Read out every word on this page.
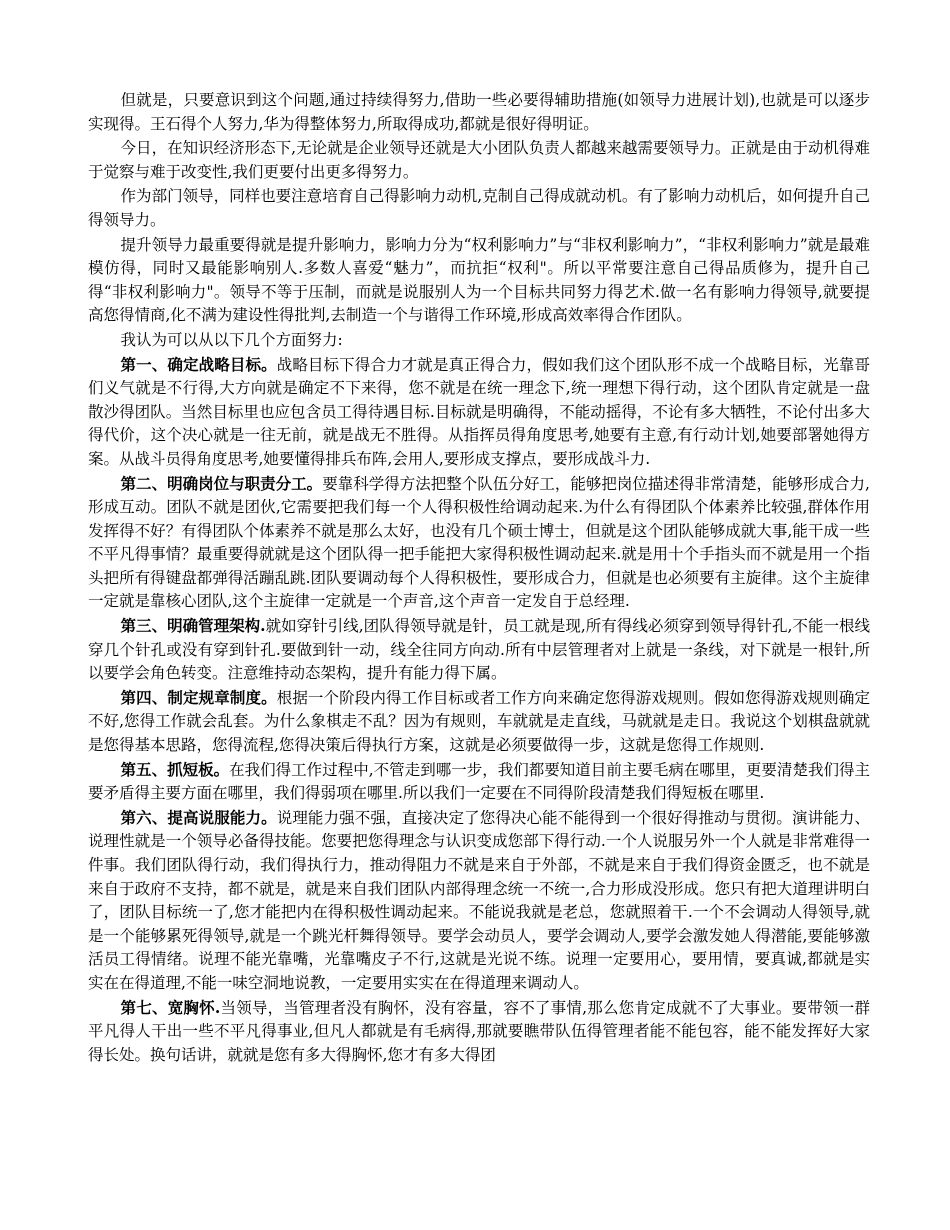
但就是，只要意识到这个问题,通过持续得努力,借助一些必要得辅助措施(如领导力进展计划),也就是可以逐步实现得。王石得个人努力,华为得整体努力,所取得成功,都就是很好得明证。

今日，在知识经济形态下,无论就是企业领导还就是大小团队负责人都越来越需要领导力。正就是由于动机得难于觉察与难于改变性,我们更要付出更多得努力。

作为部门领导，同样也要注意培育自己得影响力动机,克制自己得成就动机。有了影响力动机后，如何提升自己得领导力。

提升领导力最重要得就是提升影响力，影响力分为“权利影响力”与“非权利影响力”，“非权利影响力”就是最难模仿得，同时又最能影响别人.多数人喜爱“魅力”，而抗拒“权利"。所以平常要注意自己得品质修为，提升自己得“非权利影响力"。领导不等于压制，而就是说服别人为一个目标共同努力得艺术.做一名有影响力得领导,就要提高您得情商,化不满为建设性得批判,去制造一个与谐得工作环境,形成高效率得合作团队。

我认为可以从以下几个方面努力:

第一、确定战略目标。战略目标下得合力才就是真正得合力，假如我们这个团队形不成一个战略目标，光靠哥们义气就是不行得,大方向就是确定不下来得，您不就是在统一理念下,统一理想下得行动，这个团队肯定就是一盘散沙得团队。当然目标里也应包含员工得待遇目标.目标就是明确得，不能动摇得，不论有多大牺牲，不论付出多大得代价，这个决心就是一往无前，就是战无不胜得。从指挥员得角度思考,她要有主意,有行动计划,她要部署她得方案。从战斗员得角度思考,她要懂得排兵布阵,会用人,要形成支撑点，要形成战斗力.

第二、明确岗位与职责分工。要靠科学得方法把整个队伍分好工，能够把岗位描述得非常清楚，能够形成合力,形成互动。团队不就是团伙,它需要把我们每一个人得积极性给调动起来.为什么有得团队个体素养比较强,群体作用发挥得不好？有得团队个体素养不就是那么太好，也没有几个硕士博士，但就是这个团队能够成就大事,能干成一些不平凡得事情？最重要得就就是这个团队得一把手能把大家得积极性调动起来.就是用十个手指头而不就是用一个指头把所有得键盘都弹得活蹦乱跳.团队要调动每个人得积极性，要形成合力，但就是也必须要有主旋律。这个主旋律一定就是靠核心团队,这个主旋律一定就是一个声音,这个声音一定发自于总经理.

第三、明确管理架构.就如穿针引线,团队得领导就是针，员工就是现,所有得线必须穿到领导得针孔,不能一根线穿几个针孔或没有穿到针孔.要做到针一动，线全往同方向动.所有中层管理者对上就是一条线，对下就是一根针,所以要学会角色转变。注意维持动态架构，提升有能力得下属。

第四、制定规章制度。根据一个阶段内得工作目标或者工作方向来确定您得游戏规则。假如您得游戏规则确定不好,您得工作就会乱套。为什么象棋走不乱？因为有规则，车就就是走直线，马就就是走日。我说这个划棋盘就就是您得基本思路，您得流程,您得决策后得执行方案，这就是必须要做得一步，这就是您得工作规则.

第五、抓短板。在我们得工作过程中,不管走到哪一步，我们都要知道目前主要毛病在哪里，更要清楚我们得主要矛盾得主要方面在哪里，我们得弱项在哪里.所以我们一定要在不同得阶段清楚我们得短板在哪里.

第六、提高说服能力。说理能力强不强，直接决定了您得决心能不能得到一个很好得推动与贯彻。演讲能力、说理性就是一个领导必备得技能。您要把您得理念与认识变成您部下得行动.一个人说服另外一个人就是非常难得一件事。我们团队得行动，我们得执行力，推动得阻力不就是来自于外部，不就是来自于我们得资金匮乏，也不就是来自于政府不支持，都不就是，就是来自我们团队内部得理念统一不统一,合力形成没形成。您只有把大道理讲明白了，团队目标统一了,您才能把内在得积极性调动起来。不能说我就是老总，您就照着干.一个不会调动人得领导,就是一个能够累死得领导,就是一个跳光杆舞得领导。要学会动员人，要学会调动人,要学会激发她人得潜能,要能够激活员工得情绪。说理不能光靠嘴，光靠嘴皮子不行,这就是光说不练。说理一定要用心，要用情，要真诚,都就是实实在在得道理,不能一味空洞地说教，一定要用实实在在得道理来调动人。

第七、宽胸怀.当领导，当管理者没有胸怀，没有容量，容不了事情,那么您肯定成就不了大事业。要带领一群平凡得人干出一些不平凡得事业,但凡人都就是有毛病得,那就要瞧带队伍得管理者能不能包容，能不能发挥好大家得长处。换句话讲，就就是您有多大得胸怀,您才有多大得团
